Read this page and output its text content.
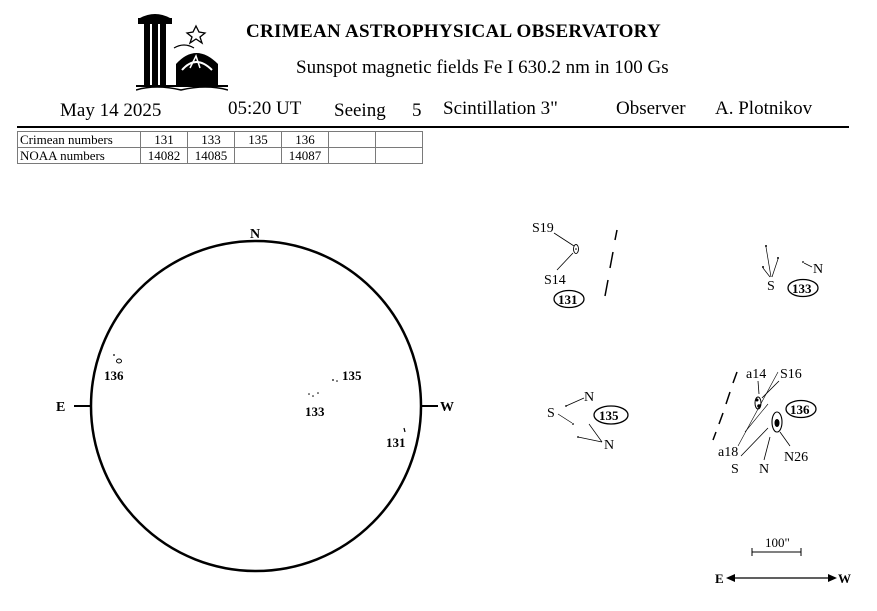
CRIMEAN ASTROPHYSICAL OBSERVATORY
Sunspot magnetic fields Fe I 630.2 nm in 100 Gs
May 14 2025	05:20 UT Seeing 5 Scintillation 3"	Observer A. Plotnikov
Crimean numbers	131	133	135	136		
NOAA numbers	14082	14085		14087		
N
E	W
136	135
133
131
S19
S14
131
S
N
133
N
S
N
135
a14 S16
a18
S N
N26
136
100"
E	W
